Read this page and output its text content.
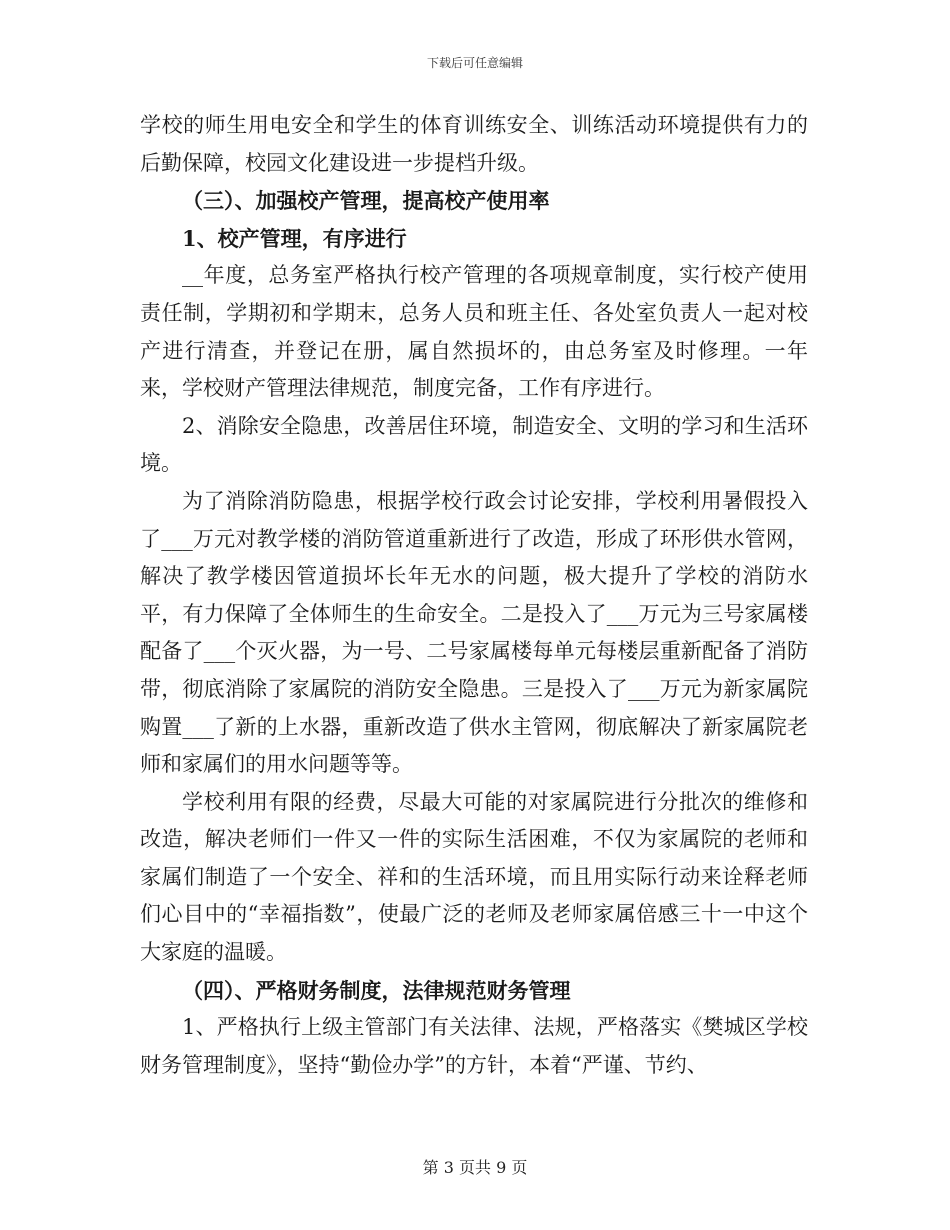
下载后可任意编辑

学校的师生用电安全和学生的体育训练安全、训练活动环境提供有力的后勤保障，校园文化建设进一步提档升级。

（三）、加强校产管理，提高校产使用率

1、校产管理，有序进行

__年度，总务室严格执行校产管理的各项规章制度，实行校产使用责任制，学期初和学期末，总务人员和班主任、各处室负责人一起对校产进行清查，并登记在册，属自然损坏的，由总务室及时修理。一年来，学校财产管理法律规范，制度完备，工作有序进行。

2、消除安全隐患，改善居住环境，制造安全、文明的学习和生活环境。

为了消除消防隐患，根据学校行政会讨论安排，学校利用暑假投入了___万元对教学楼的消防管道重新进行了改造，形成了环形供水管网，解决了教学楼因管道损坏长年无水的问题，极大提升了学校的消防水平，有力保障了全体师生的生命安全。二是投入了___万元为三号家属楼配备了___个灭火器，为一号、二号家属楼每单元每楼层重新配备了消防带，彻底消除了家属院的消防安全隐患。三是投入了___万元为新家属院购置___了新的上水器，重新改造了供水主管网，彻底解决了新家属院老师和家属们的用水问题等等。

学校利用有限的经费，尽最大可能的对家属院进行分批次的维修和改造，解决老师们一件又一件的实际生活困难，不仅为家属院的老师和家属们制造了一个安全、祥和的生活环境，而且用实际行动来诠释老师们心目中的“幸福指数”，使最广泛的老师及老师家属倍感三十一中这个大家庭的温暖。

（四）、严格财务制度，法律规范财务管理

1、严格执行上级主管部门有关法律、法规，严格落实《樊城区学校财务管理制度》，坚持“勤俭办学”的方针，本着“严谨、节约、

第 3 页共 9 页
